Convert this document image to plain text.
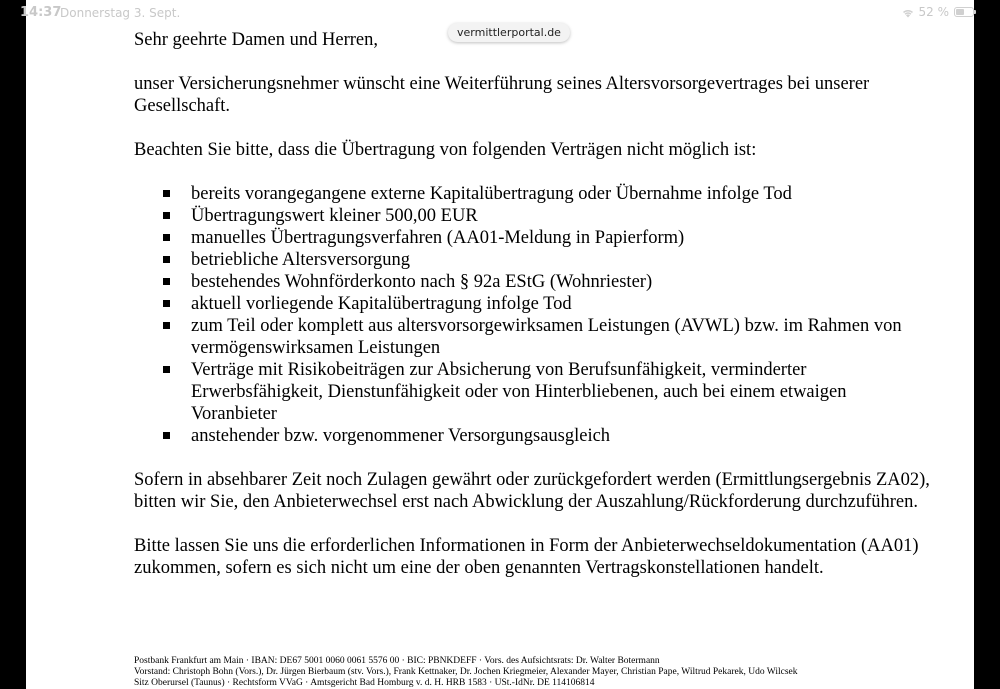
14:37
Donnerstag 3. Sept.	52 %
vermittlerportal.de

Sehr geehrte Damen und Herren,

unser Versicherungsnehmer wünscht eine Weiterführung seines Altersvorsorgevertrages bei unserer Gesellschaft.

Beachten Sie bitte, dass die Übertragung von folgenden Verträgen nicht möglich ist:

bereits vorangegangene externe Kapitalübertragung oder Übernahme infolge Tod
Übertragungswert kleiner 500,00 EUR
manuelles Übertragungsverfahren (AA01-Meldung in Papierform)
betriebliche Altersversorgung
bestehendes Wohnförderkonto nach § 92a EStG (Wohnriester)
aktuell vorliegende Kapitalübertragung infolge Tod
zum Teil oder komplett aus altersvorsorgewirksamen Leistungen (AVWL) bzw. im Rahmen von vermögenswirksamen Leistungen
Verträge mit Risikobeiträgen zur Absicherung von Berufsunfähigkeit, verminderter Erwerbsfähigkeit, Dienstunfähigkeit oder von Hinterbliebenen, auch bei einem etwaigen Voranbieter
anstehender bzw. vorgenommener Versorgungsausgleich

Sofern in absehbarer Zeit noch Zulagen gewährt oder zurückgefordert werden (Ermittlungsergebnis ZA02), bitten wir Sie, den Anbieterwechsel erst nach Abwicklung der Auszahlung/Rückforderung durchzuführen.

Bitte lassen Sie uns die erforderlichen Informationen in Form der Anbieterwechseldokumentation (AA01) zukommen, sofern es sich nicht um eine der oben genannten Vertragskonstellationen handelt.

Postbank Frankfurt am Main · IBAN: DE67 5001 0060 0061 5576 00 · BIC: PBNKDEFF · Vors. des Aufsichtsrats: Dr. Walter Botermann
Vorstand: Christoph Bohn (Vors.), Dr. Jürgen Bierbaum (stv. Vors.), Frank Kettnaker, Dr. Jochen Kriegmeier, Alexander Mayer, Christian Pape, Wiltrud Pekarek, Udo Wilcsek
Sitz Oberursel (Taunus) · Rechtsform VVaG · Amtsgericht Bad Homburg v. d. H. HRB 1583 · USt.-IdNr. DE 114106814
